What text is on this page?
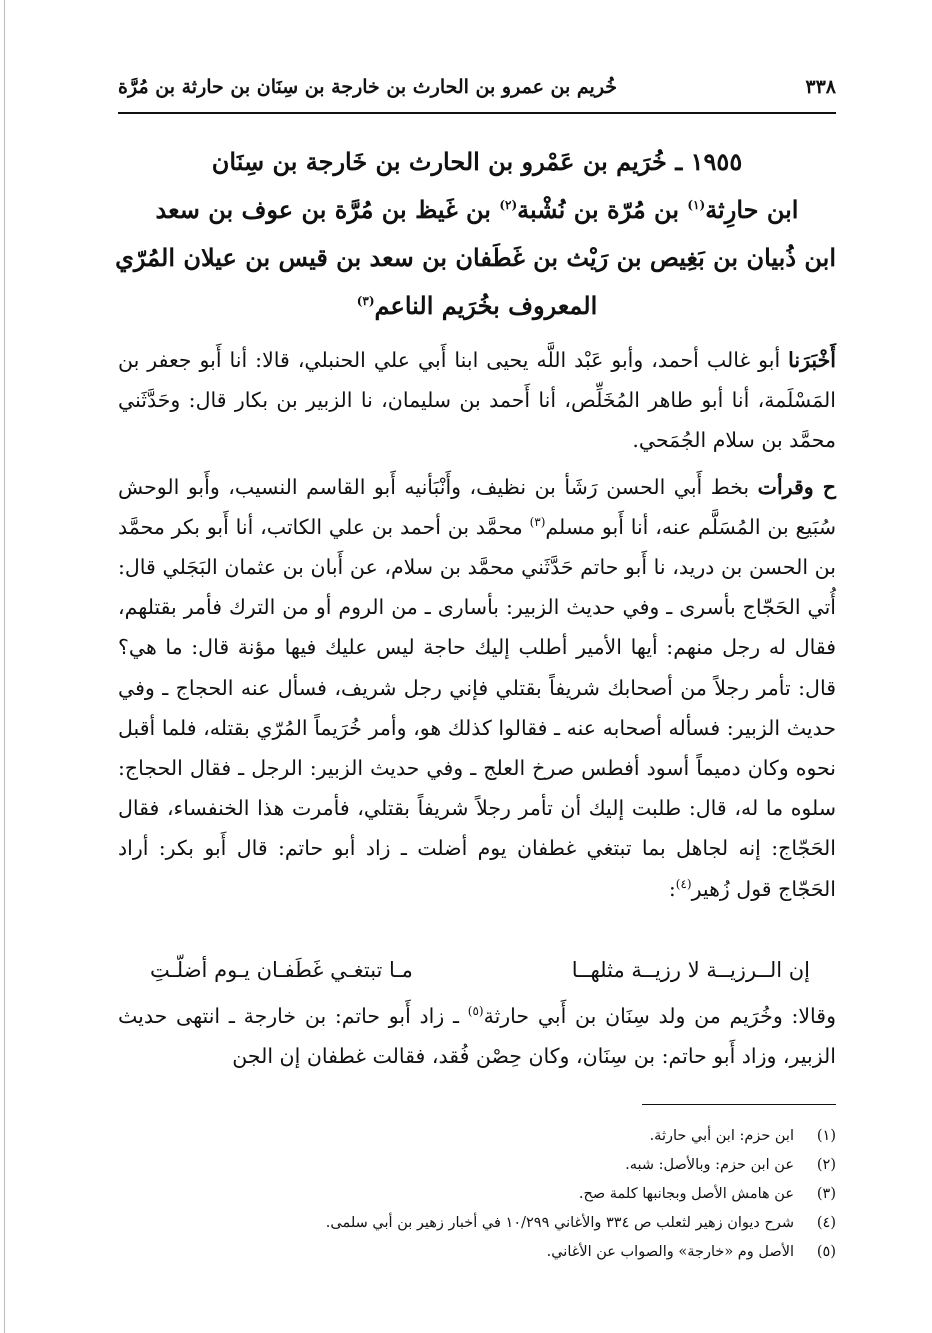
٣٣٨
خُريم بن عمرو بن الحارث بن خارجة بن سِنَان بن حارثة بن مُرَّة
١٩٥٥ ـ خُرَيم بن عَمْرو بن الحارث بن خَارجة بن سِنَان
ابن حارِثة$^{(١)}$ بن مُرّة بن نُشْبة$^{(٢)}$ بن غَيظ بن مُرَّة بن عوف بن سعد
ابن ذُبيان بن بَغِيص بن رَيْث بن غَطَفان بن سعد بن قيس بن عيلان المُرّي
المعروف بخُرَيم الناعم$^{(٣)}$

أَخْبَرَنا أبو غالب أحمد، وأبو عَبْد اللَّه يحيى ابنا أَبي علي الحنبلي، قالا: أنا أَبو جعفر بن المَسْلَمة، أنا أبو طاهر المُخَلِّص، أنا أَحمد بن سليمان، نا الزبير بن بكار قال: وحَدَّثَني محمَّد بن سلام الجُمَحي.

ح وقرأت بخط أَبي الحسن رَشَأ بن نظيف، وأَنْبَأنيه أَبو القاسم النسيب، وأَبو الوحش سُبَيع بن المُسَلَّم عنه، أنا أَبو مسلم$^{(٣)}$ محمَّد بن أحمد بن علي الكاتب، أنا أَبو بكر محمَّد بن الحسن بن دريد، نا أَبو حاتم حَدَّثَني محمَّد بن سلام، عن أَبان بن عثمان البَجَلي قال: أُتي الحَجّاج بأسرى ـ وفي حديث الزبير: بأسارى ـ من الروم أو من الترك فأمر بقتلهم، فقال له رجل منهم: أيها الأمير أطلب إليك حاجة ليس عليك فيها مؤنة قال: ما هي؟ قال: تأمر رجلاً من أصحابك شريفاً بقتلي فإني رجل شريف، فسأل عنه الحجاج ـ وفي حديث الزبير: فسأله أصحابه عنه ـ فقالوا كذلك هو، وأمر خُرَيماً المُرّي بقتله، فلما أقبل نحوه وكان دميماً أسود أفطس صرخ العلج ـ وفي حديث الزبير: الرجل ـ فقال الحجاج: سلوه ما له، قال: طلبت إليك أن تأمر رجلاً شريفاً بقتلي، فأمرت هذا الخنفساء، فقال الحَجّاج: إنه لجاهل بما تبتغي غطفان يوم أضلت ـ زاد أبو حاتم: قال أَبو بكر: أراد الحَجّاج قول زُهير$^{(٤)}$:

إن الــرزيــة لا رزيــة مثلهــا
مـا تبتغـي غَطَفـان يـوم أضلّـتِ

وقالا: وخُرَيم من ولد سِنَان بن أَبي حارثة$^{(٥)}$ ـ زاد أَبو حاتم: بن خارجة ـ انتهى حديث الزبير، وزاد أَبو حاتم: بن سِنَان، وكان حِصْن فُقد، فقالت غطفان إن الجن

(١)
ابن حزم: ابن أبي حارثة.
(٢)
عن ابن حزم: وبالأصل: شبه.
(٣)
عن هامش الأصل وبجانبها كلمة صح.
(٤)
شرح ديوان زهير لثعلب ص ٣٣٤ والأغاني ١٠/٢٩٩ في أخبار زهير بن أبي سلمى.
(٥)
الأصل وم «خارجة» والصواب عن الأغاني.
